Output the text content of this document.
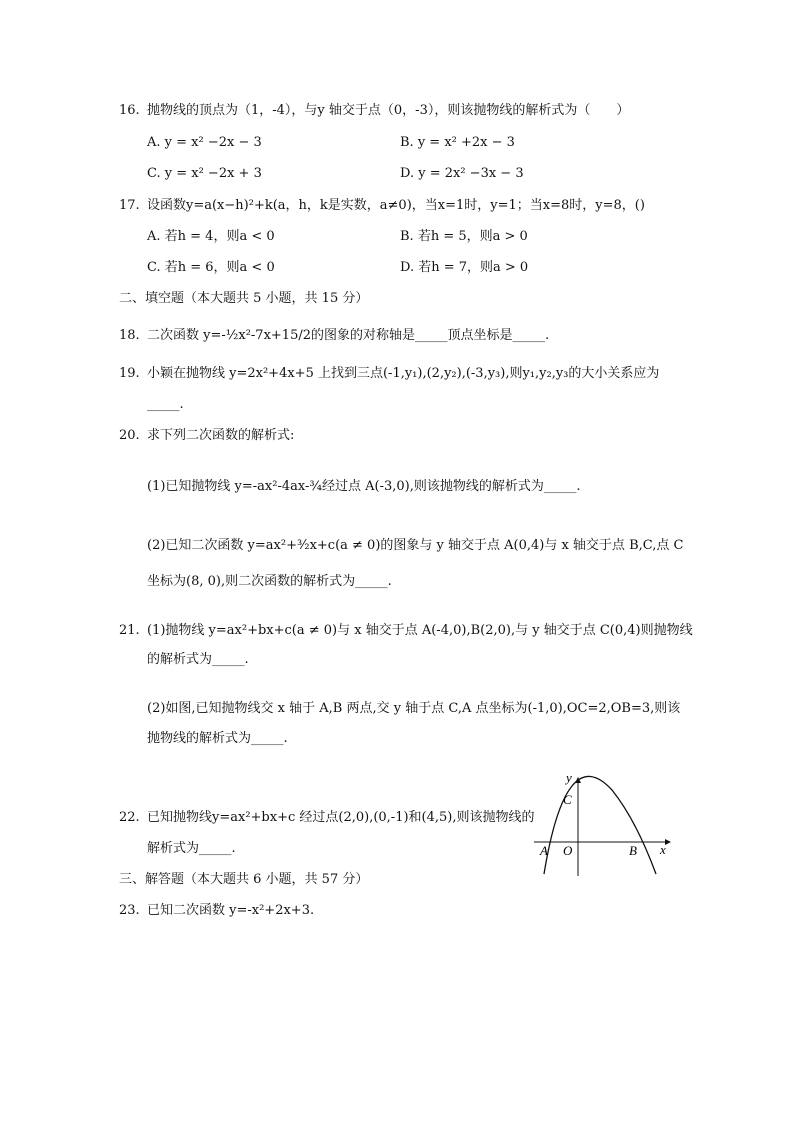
16. 抛物线的顶点为（1，-4），与y 轴交于点（0，-3），则该抛物线的解析式为（　　）
A. y = x² −2x − 3	B. y = x² +2x − 3
C. y = x² −2x + 3	D. y = 2x² −3x − 3
17. 设函数y=a(x−h)²+k(a，h，k是实数，a≠0)，当x=1时，y=1；当x=8时，y=8，()
A. 若h = 4，则a < 0	B. 若h = 5，则a > 0
C. 若h = 6，则a < 0	D. 若h = 7，则a > 0
二、填空题（本大题共 5 小题，共 15 分）
18. 二次函数 y=-½x²-7x+15/2的图象的对称轴是_____顶点坐标是_____.
19. 小颖在抛物线 y=2x²+4x+5 上找到三点(-1,y₁),(2,y₂),(-3,y₃),则y₁,y₂,y₃的大小关系应为
_____.
20. 求下列二次函数的解析式:
(1)已知抛物线 y=-ax²-4ax-¾经过点 A(-3,0),则该抛物线的解析式为_____.
(2)已知二次函数 y=ax²+³⁄₂x+c(a ≠ 0)的图象与 y 轴交于点 A(0,4)与 x 轴交于点 B,C,点 C
坐标为(8, 0),则二次函数的解析式为_____.
21. (1)抛物线 y=ax²+bx+c(a ≠ 0)与 x 轴交于点 A(-4,0),B(2,0),与 y 轴交于点 C(0,4)则抛物线
的解析式为_____.
(2)如图,已知抛物线交 x 轴于 A,B 两点,交 y 轴于点 C,A 点坐标为(-1,0),OC=2,OB=3,则该
抛物线的解析式为_____.
22. 已知抛物线y=ax²+bx+c 经过点(2,0),(0,-1)和(4,5),则该抛物线的
解析式为_____.
三、解答题（本大题共 6 小题，共 57 分）
23. 已知二次函数 y=-x²+2x+3.
y
x
C
A O	B
